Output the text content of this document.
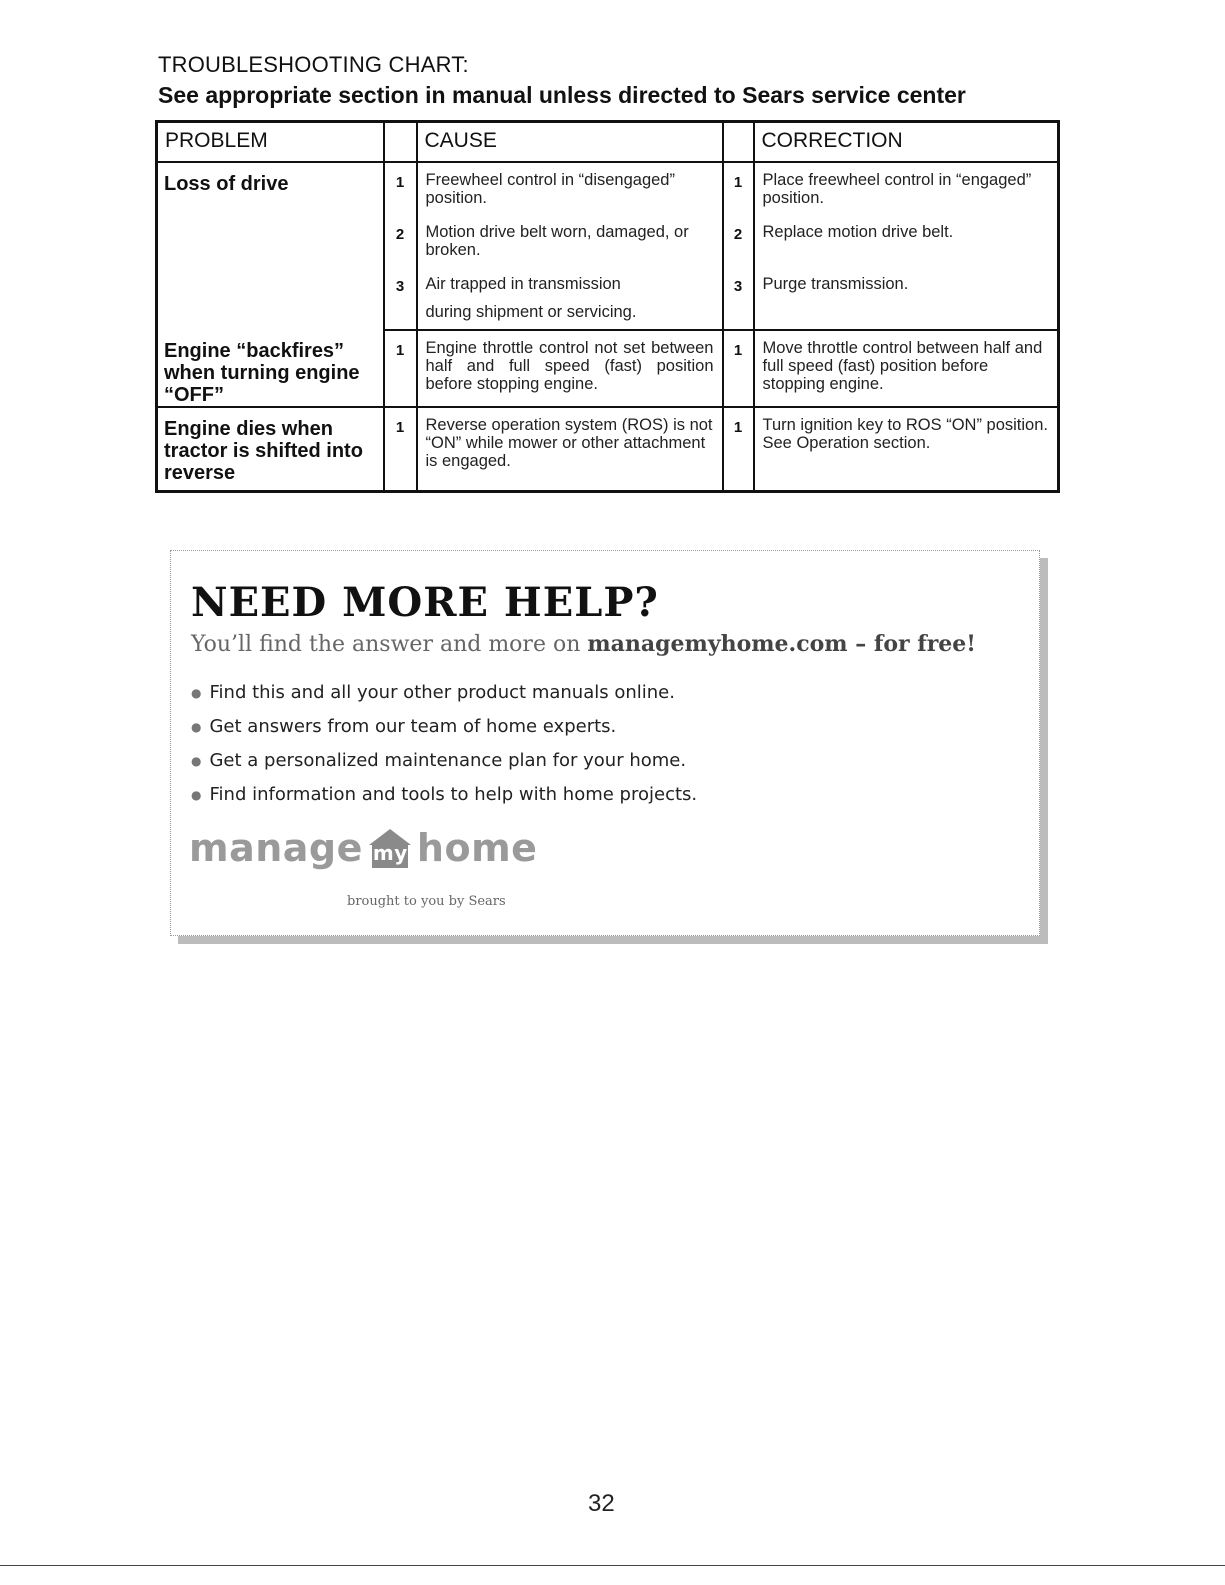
TROUBLESHOOTING CHART:
See appropriate section in manual unless directed to Sears service center
PROBLEM		CAUSE		CORRECTION
Loss of drive	1	Freewheel control in “disengaged” position.	1	Place freewheel control in “engaged” position.
	2	Motion drive belt worn, damaged, or broken.	2	Replace motion drive belt.
	3	Air trapped in transmission	3	Purge transmission.
		during shipment or servicing.		
Engine “backfires” when turning engine “OFF”	1	Engine throttle control not set between half and full speed (fast) position before stopping engine.	1	Move throttle control between half and full speed (fast) position before stopping engine.
Engine dies when tractor is shifted into reverse	1	Reverse operation system (ROS) is not “ON” while mower or other attachment is engaged.	1	Turn ignition key to ROS “ON” position. See Operation section.
NEED MORE HELP?
You’ll find the answer and more on managemyhome.com – for free!
● Find this and all your other product manuals online.
● Get answers from our team of home experts.
● Get a personalized maintenance plan for your home.
● Find information and tools to help with home projects.
manage my home
brought to you by Sears
32
